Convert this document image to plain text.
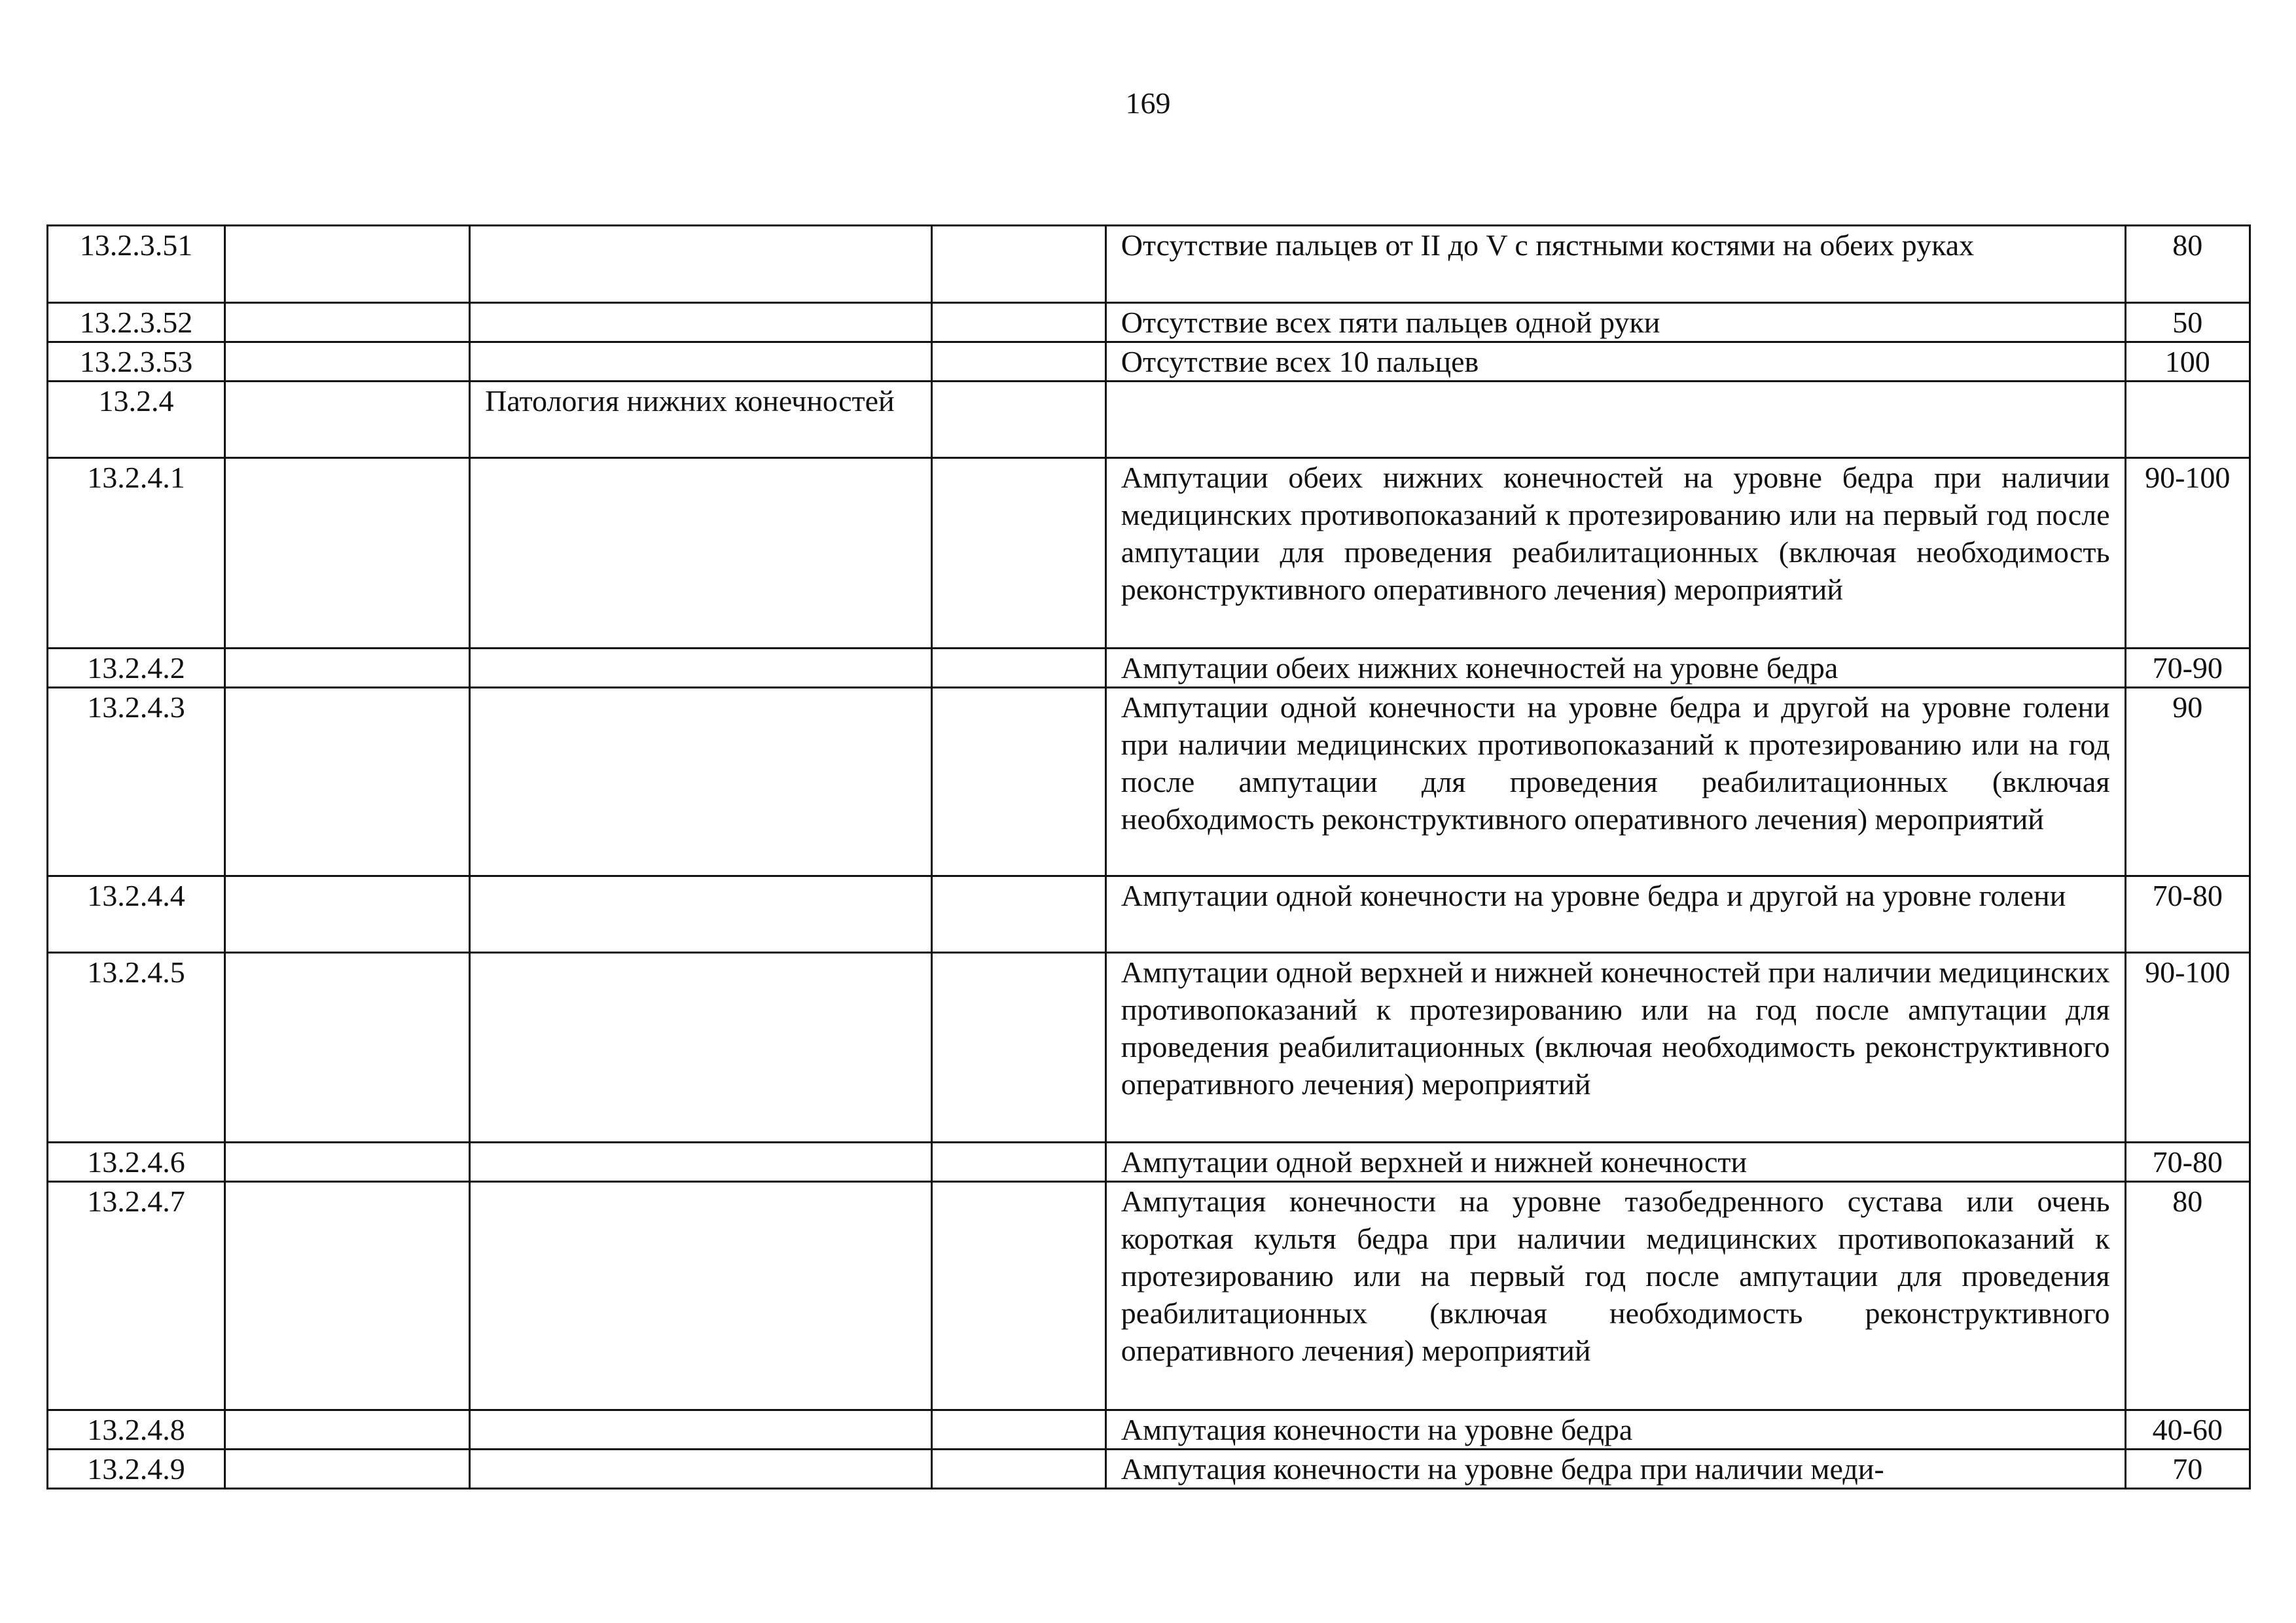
169
13.2.3.51				Отсутствие пальцев от II до V с пястными костями на обеих руках	80
13.2.3.52				Отсутствие всех пяти пальцев одной руки	50
13.2.3.53				Отсутствие всех 10 пальцев	100
13.2.4		Патология нижних конечностей			
13.2.4.1				Ампутации обеих нижних конечностей на уровне бедра при наличии медицинских противопоказаний к протезированию или на первый год после ампутации для проведения реабилитационных (включая необходимость реконструктивного оперативного лечения) мероприятий	90-100
13.2.4.2				Ампутации обеих нижних конечностей на уровне бедра	70-90
13.2.4.3				Ампутации одной конечности на уровне бедра и другой на уровне голени при наличии медицинских противопоказаний к протезированию или на год после ампутации для проведения реабилитационных (включая необходимость реконструктивного оперативного лечения) мероприятий	90
13.2.4.4				Ампутации одной конечности на уровне бедра и другой на уровне голени	70-80
13.2.4.5				Ампутации одной верхней и нижней конечностей при наличии медицинских противопоказаний к протезированию или на год после ампутации для проведения реабилитационных (включая необходимость реконструктивного оперативного лечения) мероприятий	90-100
13.2.4.6				Ампутации одной верхней и нижней конечности	70-80
13.2.4.7				Ампутация конечности на уровне тазобедренного сустава или очень короткая культя бедра при наличии медицинских противопоказаний к протезированию или на первый год после ампутации для проведения реабилитационных (включая необходимость реконструктивного оперативного лечения) мероприятий	80
13.2.4.8				Ампутация конечности на уровне бедра	40-60
13.2.4.9				Ампутация конечности на уровне бедра при наличии меди-	70
